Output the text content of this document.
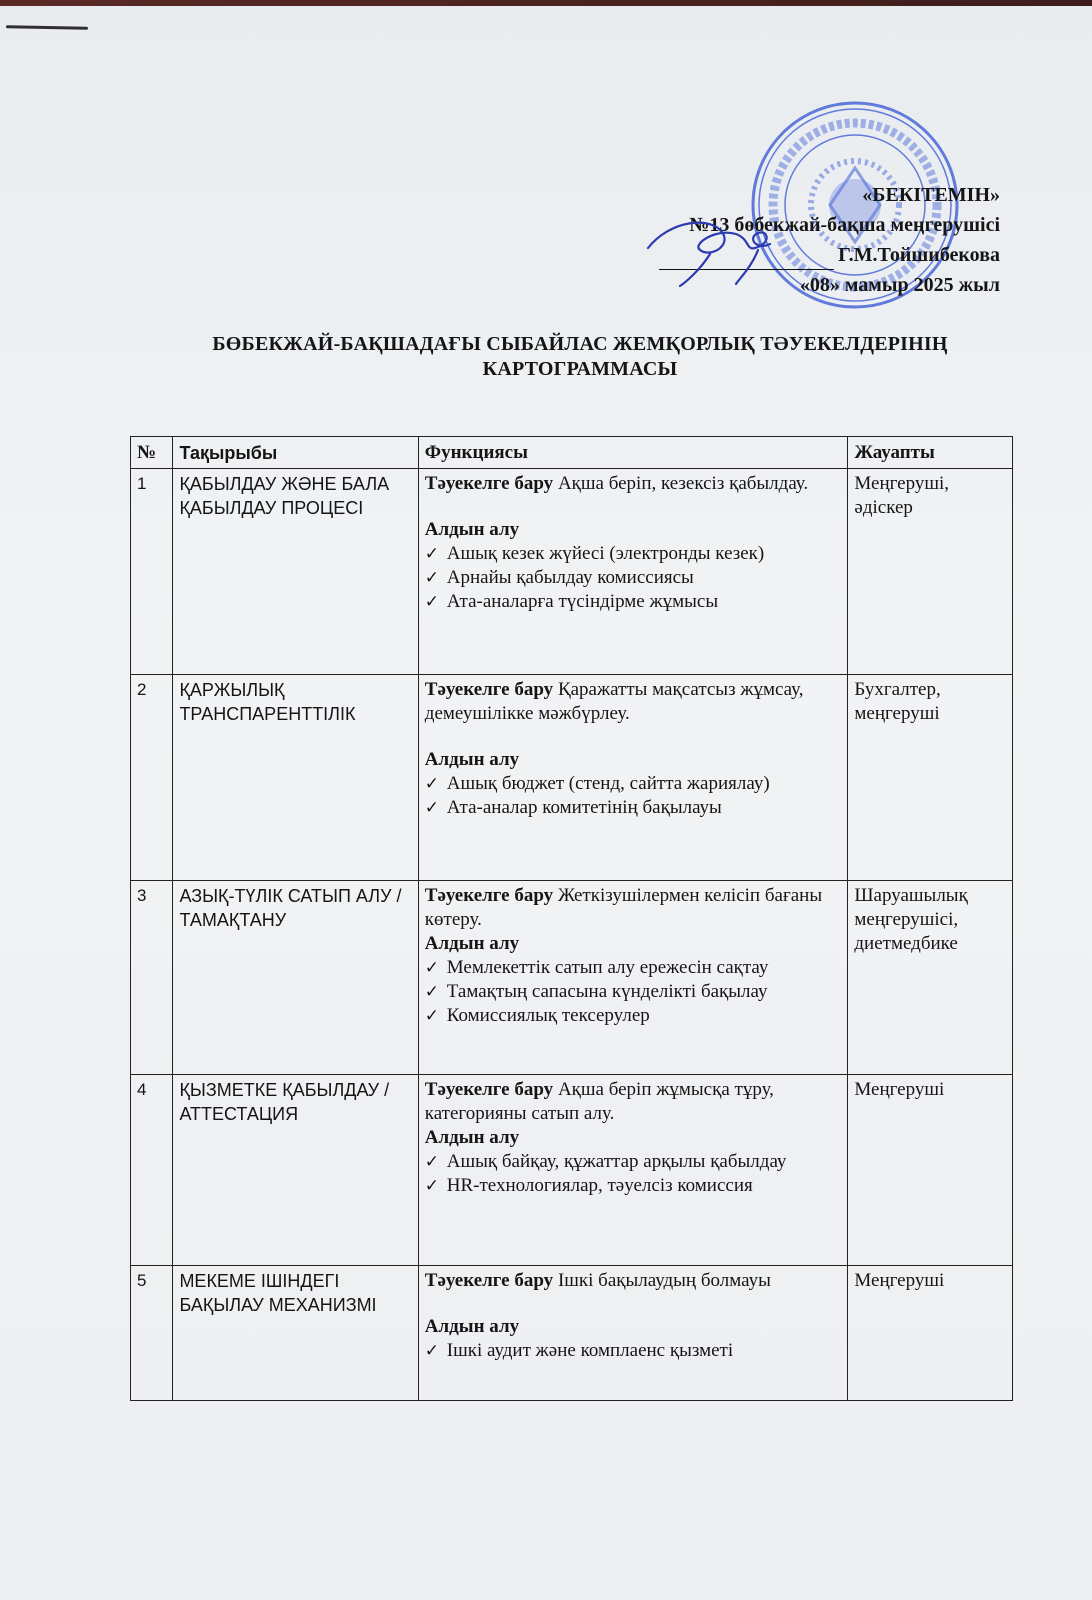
«БЕКІТЕМІН»
№13 бөбекжай-бақша меңгерушісі
Г.М.Тойшибекова
«08» мамыр 2025 жыл
БӨБЕКЖАЙ-БАҚШАДАҒЫ СЫБАЙЛАС ЖЕМҚОРЛЫҚ ТӘУЕКЕЛДЕРІНІҢ
КАРТОГРАММАСЫ
№	Тақырыбы	Функциясы	Жауапты
1	ҚАБЫЛДАУ ЖӘНЕ БАЛА ҚАБЫЛДАУ ПРОЦЕСІ	Тәуекелге бару Ақша беріп, кезексіз қабылдау.
Алдын алу
✓ Ашық кезек жүйесі (электронды кезек)
✓ Арнайы қабылдау комиссиясы
✓ Ата-аналарға түсіндірме жұмысы	Меңгеруші, әдіскер

2	ҚАРЖЫЛЫҚ ТРАНСПАРЕНТТІЛІК	Тәуекелге бару Қаражатты мақсатсыз жұмсау, демеушілікке мәжбүрлеу.
Алдын алу
✓ Ашық бюджет (стенд, сайтта жариялау)
✓ Ата-аналар комитетінің бақылауы	Бухгалтер, меңгеруші

3	АЗЫҚ-ТҮЛІК САТЫП АЛУ / ТАМАҚТАНУ	Тәуекелге бару Жеткізушілермен келісіп бағаны көтеру.
Алдын алу
✓ Мемлекеттік сатып алу ережесін сақтау
✓ Тамақтың сапасына күнделікті бақылау
✓ Комиссиялық тексерулер	Шаруашылық меңгерушісі, диетмедбике

4	ҚЫЗМЕТКЕ ҚАБЫЛДАУ / АТТЕСТАЦИЯ	Тәуекелге бару Ақша беріп жұмысқа тұру, категорияны сатып алу.
Алдын алу
✓ Ашық байқау, құжаттар арқылы қабылдау
✓ HR-технологиялар, тәуелсіз комиссия	Меңгеруші

5	МЕКЕМЕ ІШІНДЕГІ БАҚЫЛАУ МЕХАНИЗМІ	Тәуекелге бару Ішкі бақылаудың болмауы
Алдын алу
✓ Ішкі аудит және комплаенс қызметі	Меңгеруші
